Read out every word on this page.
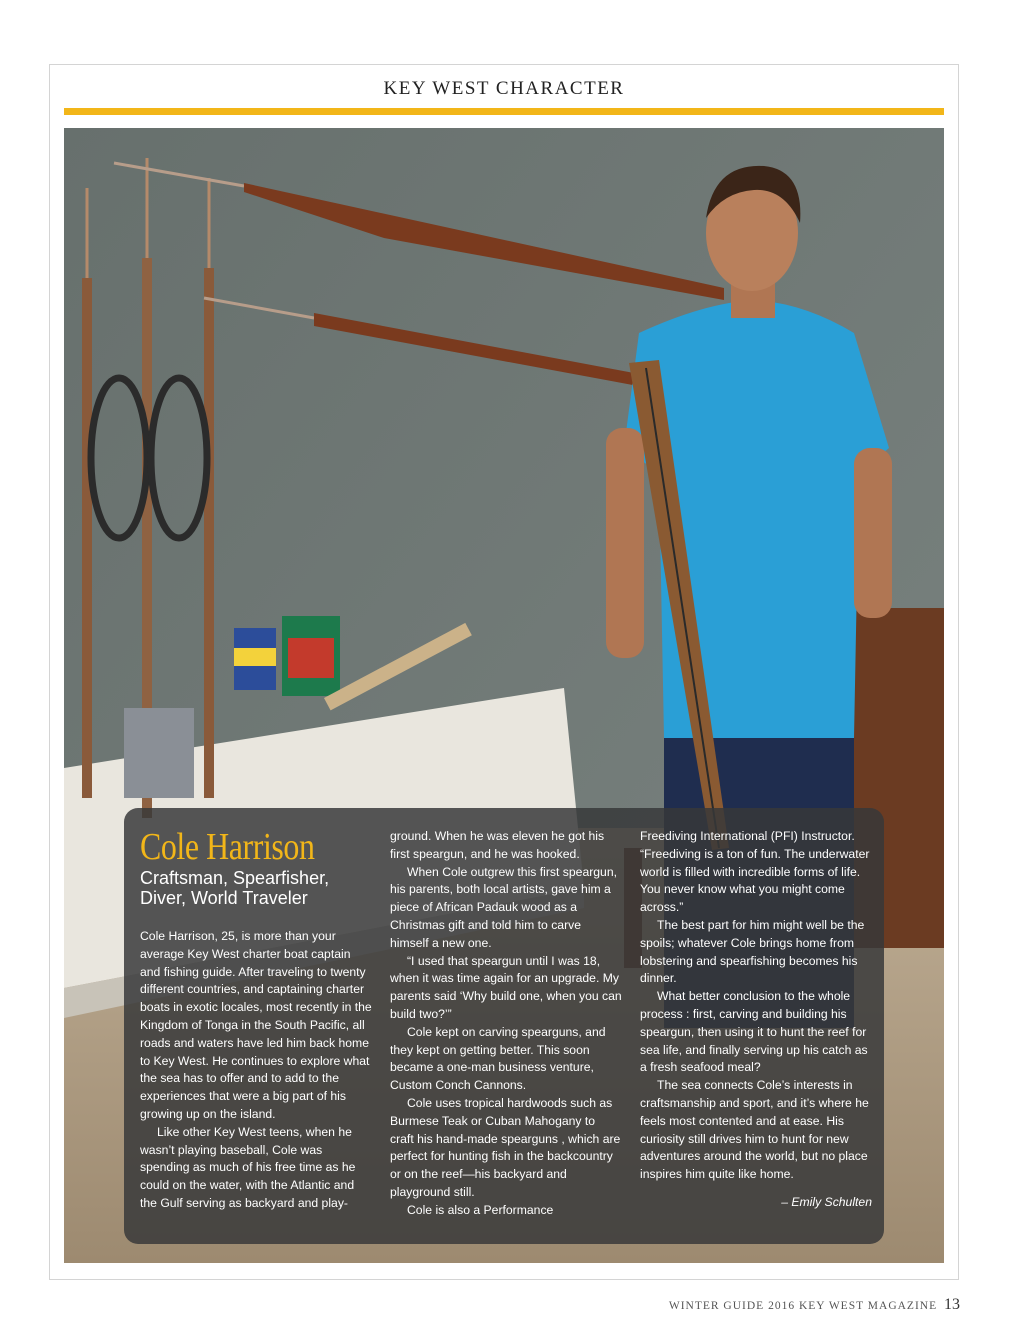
KEY WEST CHARACTER
Cole Harrison
Craftsman, Spearfisher,
Diver, World Traveler

Cole Harrison, 25, is more than your average Key West charter boat captain and fishing guide. After traveling to twenty different countries, and captaining charter boats in exotic locales, most recently in the Kingdom of Tonga in the South Pacific, all roads and waters have led him back home to Key West. He continues to explore what the sea has to offer and to add to the experiences that were a big part of his growing up on the island.

Like other Key West teens, when he wasn’t playing baseball, Cole was spending as much of his free time as he could on the water, with the Atlantic and the Gulf serving as backyard and play-

ground. When he was eleven he got his first speargun, and he was hooked.

When Cole outgrew this first speargun, his parents, both local artists, gave him a piece of African Padauk wood as a Christmas gift and told him to carve himself a new one.

“I used that speargun until I was 18, when it was time again for an upgrade. My parents said ‘Why build one, when you can build two?’”

Cole kept on carving spearguns, and they kept on getting better. This soon became a one-man business venture, Custom Conch Cannons.

Cole uses tropical hardwoods such as Burmese Teak or Cuban Mahogany to craft his hand-made spearguns , which are perfect for hunting fish in the backcountry or on the reef—his backyard and playground still.

Cole is also a Performance

Freediving International (PFI) Instructor. “Freediving is a ton of fun. The underwater world is filled with incredible forms of life. You never know what you might come across.”

The best part for him might well be the spoils; whatever Cole brings home from lobstering and spearfishing becomes his dinner.

What better conclusion to the whole process : first, carving and building his speargun, then using it to hunt the reef for sea life, and finally serving up his catch as a fresh seafood meal?

The sea connects Cole’s interests in craftsmanship and sport, and it’s where he feels most contented and at ease. His curiosity still drives him to hunt for new adventures around the world, but no place inspires him quite like home.

– Emily Schulten
WINTER GUIDE 2016 KEY WEST MAGAZINE 13
